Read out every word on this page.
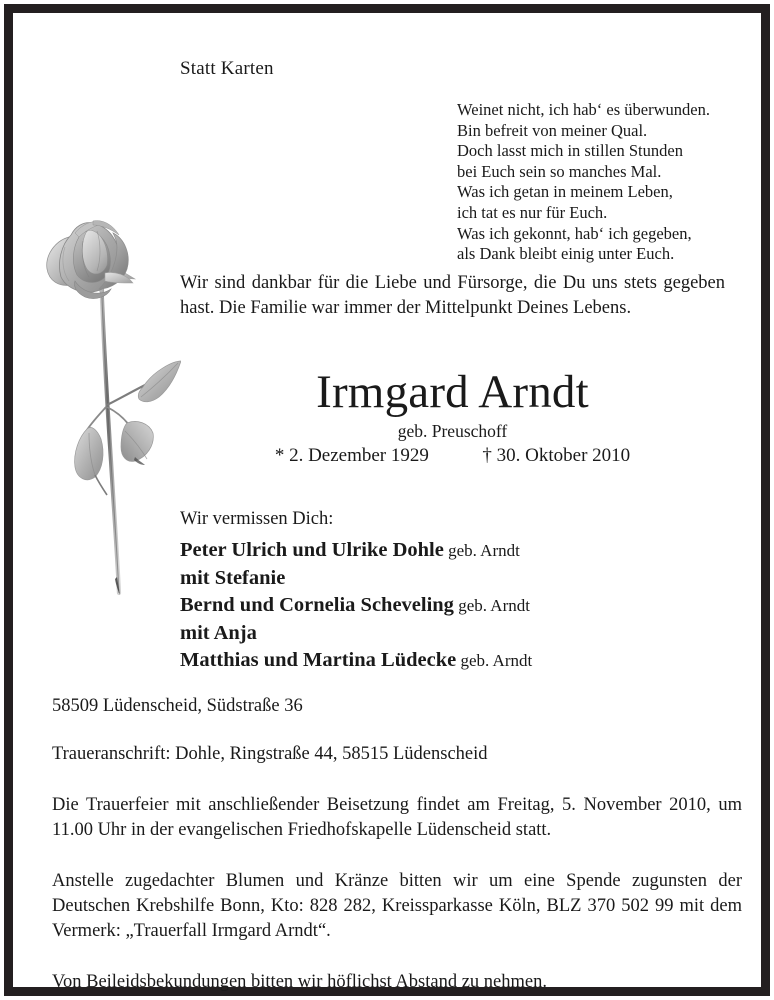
Statt Karten
Weinet nicht, ich habʻ es überwunden.
Bin befreit von meiner Qual.
Doch lasst mich in stillen Stunden
bei Euch sein so manches Mal.
Was ich getan in meinem Leben,
ich tat es nur für Euch.
Was ich gekonnt, habʻ ich gegeben,
als Dank bleibt einig unter Euch.
Wir sind dankbar für die Liebe und Fürsorge, die Du uns stets gegeben hast. Die Familie war immer der Mittelpunkt Deines Lebens.
Irmgard Arndt
geb. Preuschoff
* 2. Dezember 1929	† 30. Oktober 2010
Wir vermissen Dich:
Peter Ulrich und Ulrike Dohle geb. Arndt
mit Stefanie
Bernd und Cornelia Scheveling geb. Arndt
mit Anja
Matthias und Martina Lüdecke geb. Arndt
58509 Lüdenscheid, Südstraße 36
Traueranschrift: Dohle, Ringstraße 44, 58515 Lüdenscheid
Die Trauerfeier mit anschließender Beisetzung findet am Freitag, 5. November 2010, um 11.00 Uhr in der evangelischen Friedhofskapelle Lüdenscheid statt.
Anstelle zugedachter Blumen und Kränze bitten wir um eine Spende zugunsten der Deutschen Krebshilfe Bonn, Kto: 828 282, Kreissparkasse Köln, BLZ 370 502 99 mit dem Vermerk: „Trauerfall Irmgard Arndt“.
Von Beileidsbekundungen bitten wir höflichst Abstand zu nehmen.
